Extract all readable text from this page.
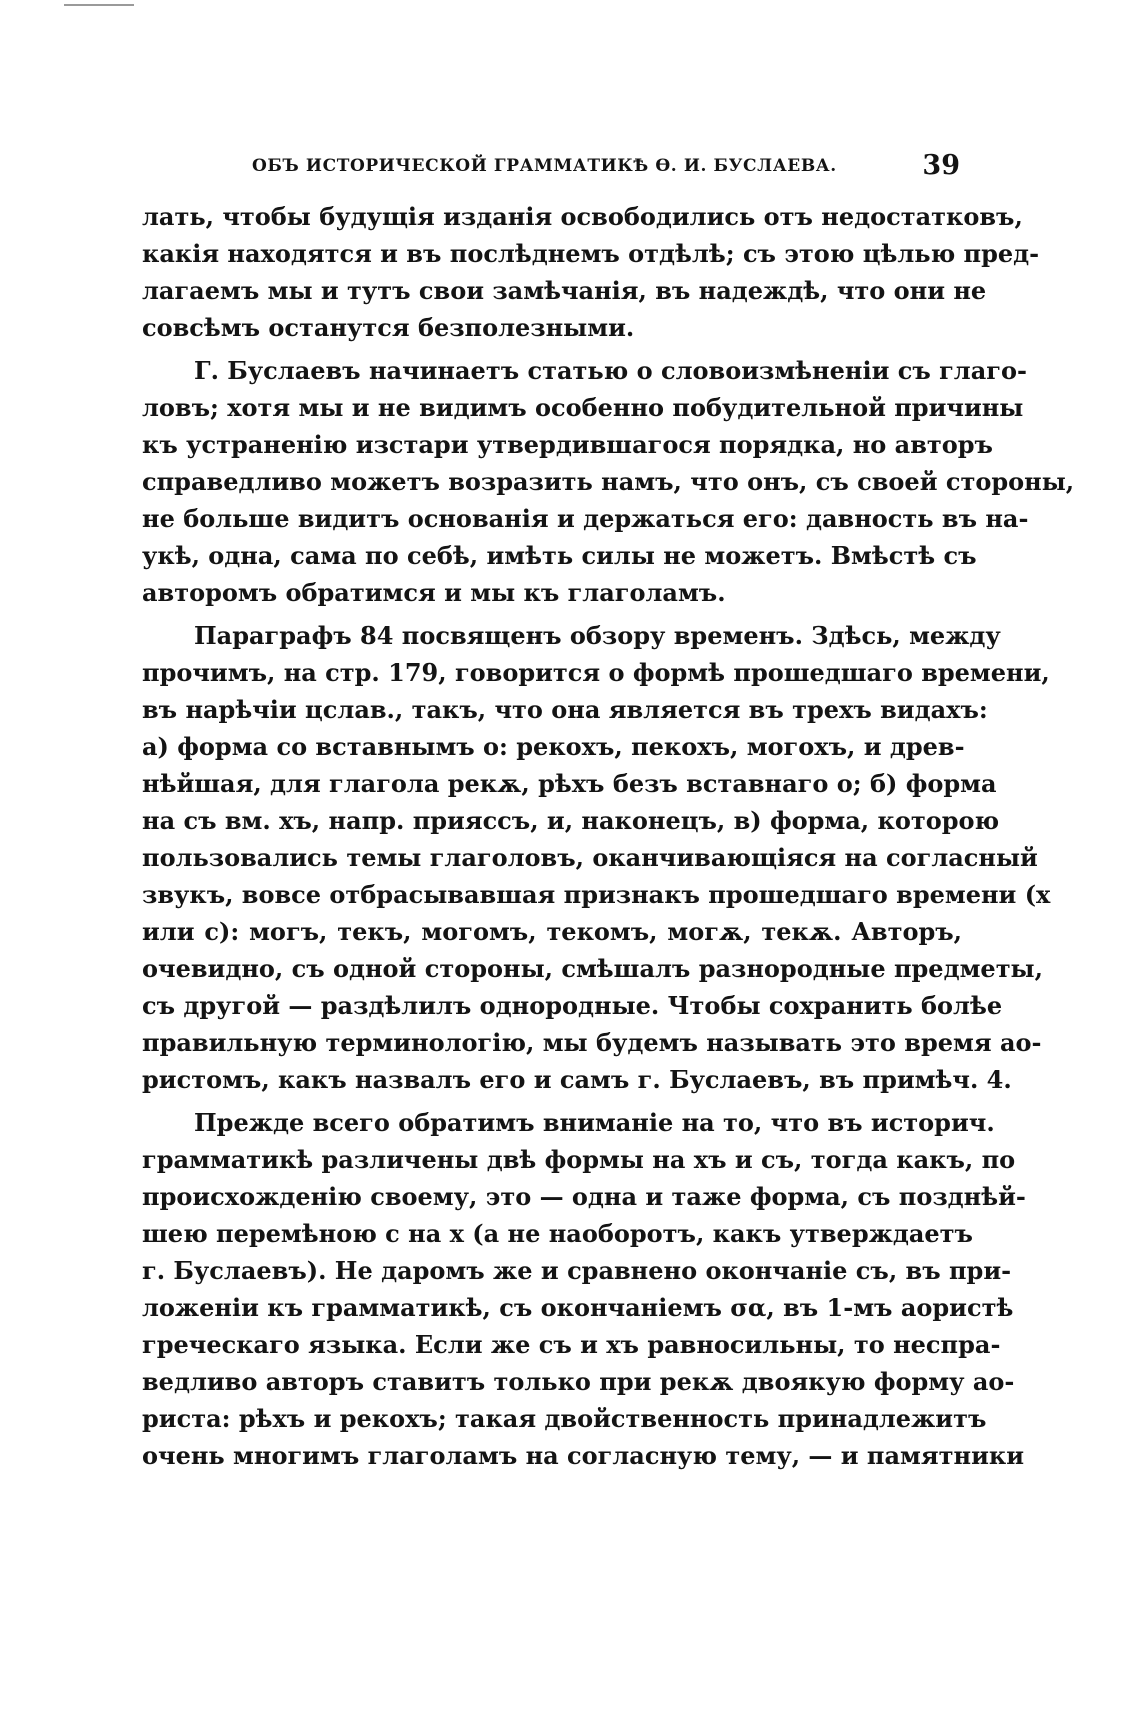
ОБЪ ИСТОРИЧЕСКОЙ ГРАММАТИКѢ Ѳ. И. БУСЛАЕВА.	39
лать, чтобы будущія изданія освободились отъ недостатковъ,
какія находятся и въ послѣднемъ отдѣлѣ; съ этою цѣлью пред-
лагаемъ мы и тутъ свои замѣчанія, въ надеждѣ, что они не
совсѣмъ останутся безполезными.
Г. Буслаевъ начинаетъ статью о словоизмѣненіи съ глаго-
ловъ; хотя мы и не видимъ особенно побудительной причины
къ устраненію изстари утвердившагося порядка, но авторъ
справедливо можетъ возразить намъ, что онъ, съ своей стороны,
не больше видитъ основанія и держаться его: давность въ на-
укѣ, одна, сама по себѣ, имѣть силы не можетъ. Вмѣстѣ съ
авторомъ обратимся и мы къ глаголамъ.
Параграфъ 84 посвященъ обзору временъ. Здѣсь, между
прочимъ, на стр. 179, говорится о формѣ прошедшаго времени,
въ нарѣчіи цслав., такъ, что она является въ трехъ видахъ:
а) форма со вставнымъ о: рекохъ, пекохъ, могохъ, и древ-
нѣйшая, для глагола рекѫ, рѣхъ безъ вставнаго о; б) форма
на съ вм. хъ, напр. прияссъ, и, наконецъ, в) форма, которою
пользовались темы глаголовъ, оканчивающіяся на согласный
звукъ, вовсе отбрасывавшая признакъ прошедшаго времени (х
или с): могъ, текъ, могомъ, текомъ, могѫ, текѫ. Авторъ,
очевидно, съ одной стороны, смѣшалъ разнородные предметы,
съ другой — раздѣлилъ однородные. Чтобы сохранить болѣе
правильную терминологію, мы будемъ называть это время ао-
ристомъ, какъ назвалъ его и самъ г. Буслаевъ, въ примѣч. 4.
Прежде всего обратимъ вниманіе на то, что въ историч.
грамматикѣ различены двѣ формы на хъ и съ, тогда какъ, по
происхожденію своему, это — одна и таже форма, съ позднѣй-
шею перемѣною с на х (а не наоборотъ, какъ утверждаетъ
г. Буслаевъ). Не даромъ же и сравнено окончаніе съ, въ при-
ложеніи къ грамматикѣ, съ окончаніемъ σα, въ 1-мъ аористѣ
греческаго языка. Если же съ и хъ равносильны, то неспра-
ведливо авторъ ставитъ только при рекѫ двоякую форму ао-
риста: рѣхъ и рекохъ; такая двойственность принадлежитъ
очень многимъ глаголамъ на согласную тему, — и памятники
